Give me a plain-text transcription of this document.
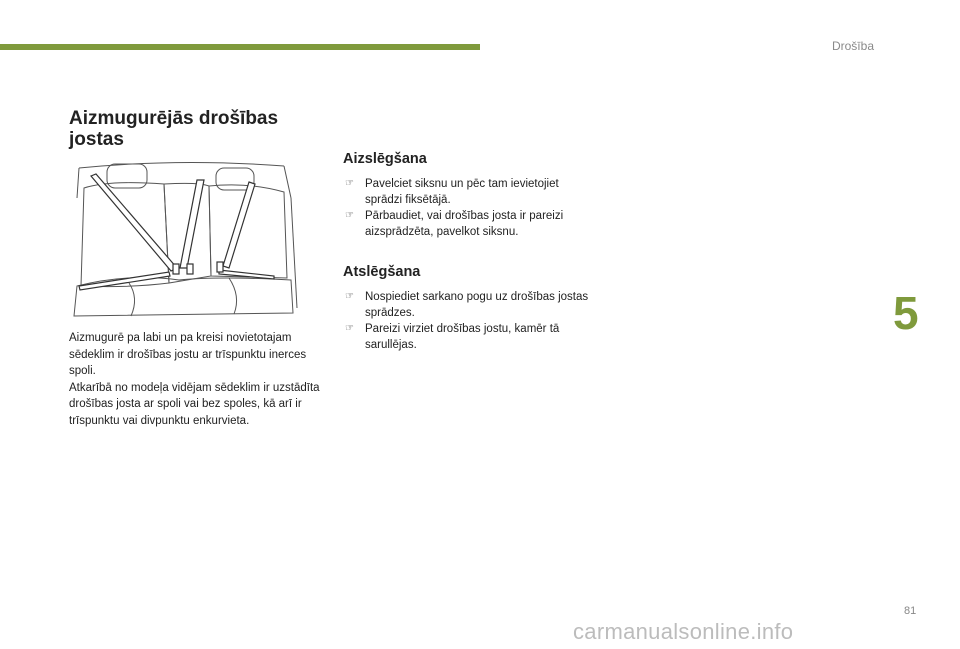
Drošība
5
Aizmugurējās drošības jostas

Aizmugurē pa labi un pa kreisi novietotajam sēdeklim ir drošības jostu ar trīspunktu inerces spoli.

Atkarībā no modeļa vidējam sēdeklim ir uzstādīta drošības josta ar spoli vai bez spoles, kā arī ir trīspunktu vai divpunktu enkurvieta.

Aizslēgšana
☞ Pavelciet siksnu un pēc tam ievietojiet sprādzi fiksētājā.
☞ Pārbaudiet, vai drošības josta ir pareizi aizsprādzēta, pavelkot siksnu.
Atslēgšana
☞ Nospiediet sarkano pogu uz drošības jostas sprādzes.
☞ Pareizi virziet drošības jostu, kamēr tā sarullējas.
81
carmanualsonline.info
